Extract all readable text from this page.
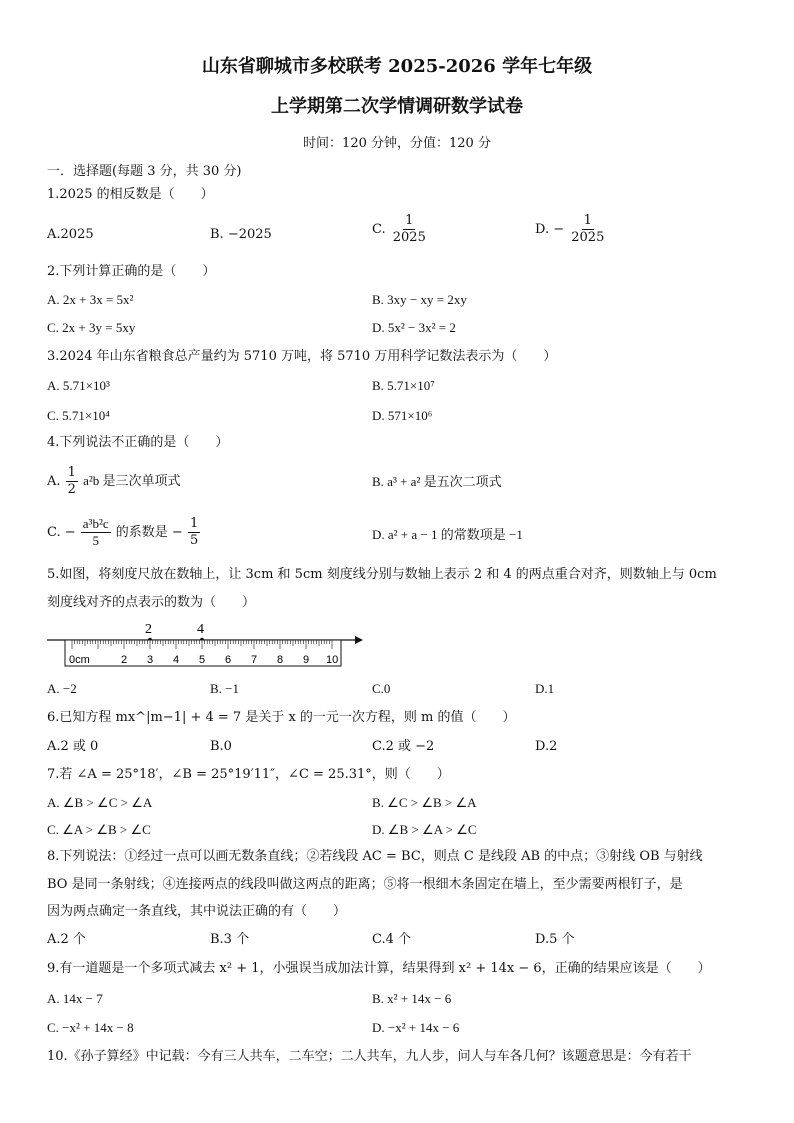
山东省聊城市多校联考 2025-2026 学年七年级
上学期第二次学情调研数学试卷
时间：120 分钟，分值：120 分
一．选择题(每题 3 分，共 30 分)
1.2025 的相反数是（　　）
A.2025	B. −2025	C. $\frac{1}{2025}$	D. − $\frac{1}{2025}$
2.下列计算正确的是（　　）
A. 2x + 3x = 5x²	B. 3xy − xy = 2xy
C. 2x + 3y = 5xy	D. 5x² − 3x² = 2
3.2024 年山东省粮食总产量约为 5710 万吨，将 5710 万用科学记数法表示为（　　）
A. 5.71×10³	B. 5.71×10⁷
C. 5.71×10⁴	D. 571×10⁶
4.下列说法不正确的是（　　）
A. $\frac{1}{2} a^2b$ 是三次单项式	B. a³ + a² 是五次二项式
C. − $\frac{\text{a³b²c}}{5}$ 的系数是 − $\frac{1}{5}$	D. a² + a − 1 的常数项是 −1
5.如图，将刻度尺放在数轴上，让 3cm 和 5cm 刻度线分别与数轴上表示 2 和 4 的两点重合对齐，则数轴上与 0cm
刻度线对齐的点表示的数为（　　）
2	4
0cm	2 3 4 5 6 7 8 9 10
A. −2	B. −1	C.0	D.1
6.已知方程 mx^|m−1| + 4 = 7 是关于 x 的一元一次方程，则 m 的值（　　）
A.2 或 0	B.0	C.2 或 −2	D.2
7.若 ∠A = 25°18′，∠B = 25°19′11″，∠C = 25.31°，则（　　）
A. ∠B > ∠C > ∠A	B. ∠C > ∠B > ∠A
C. ∠A > ∠B > ∠C	D. ∠B > ∠A > ∠C
8.下列说法：①经过一点可以画无数条直线；②若线段 AC = BC，则点 C 是线段 AB 的中点；③射线 OB 与射线
BO 是同一条射线；④连接两点的线段叫做这两点的距离；⑤将一根细木条固定在墙上，至少需要两根钉子，是
因为两点确定一条直线，其中说法正确的有（　　）
A.2 个	B.3 个	C.4 个	D.5 个
9.有一道题是一个多项式减去 x² + 1，小强误当成加法计算，结果得到 x² + 14x − 6，正确的结果应该是（　　）
A. 14x − 7	B. x² + 14x − 6
C. −x² + 14x − 8	D. −x² + 14x − 6
10.《孙子算经》中记载：今有三人共车，二车空；二人共车，九人步，问人与车各几何？该题意思是：今有若干
